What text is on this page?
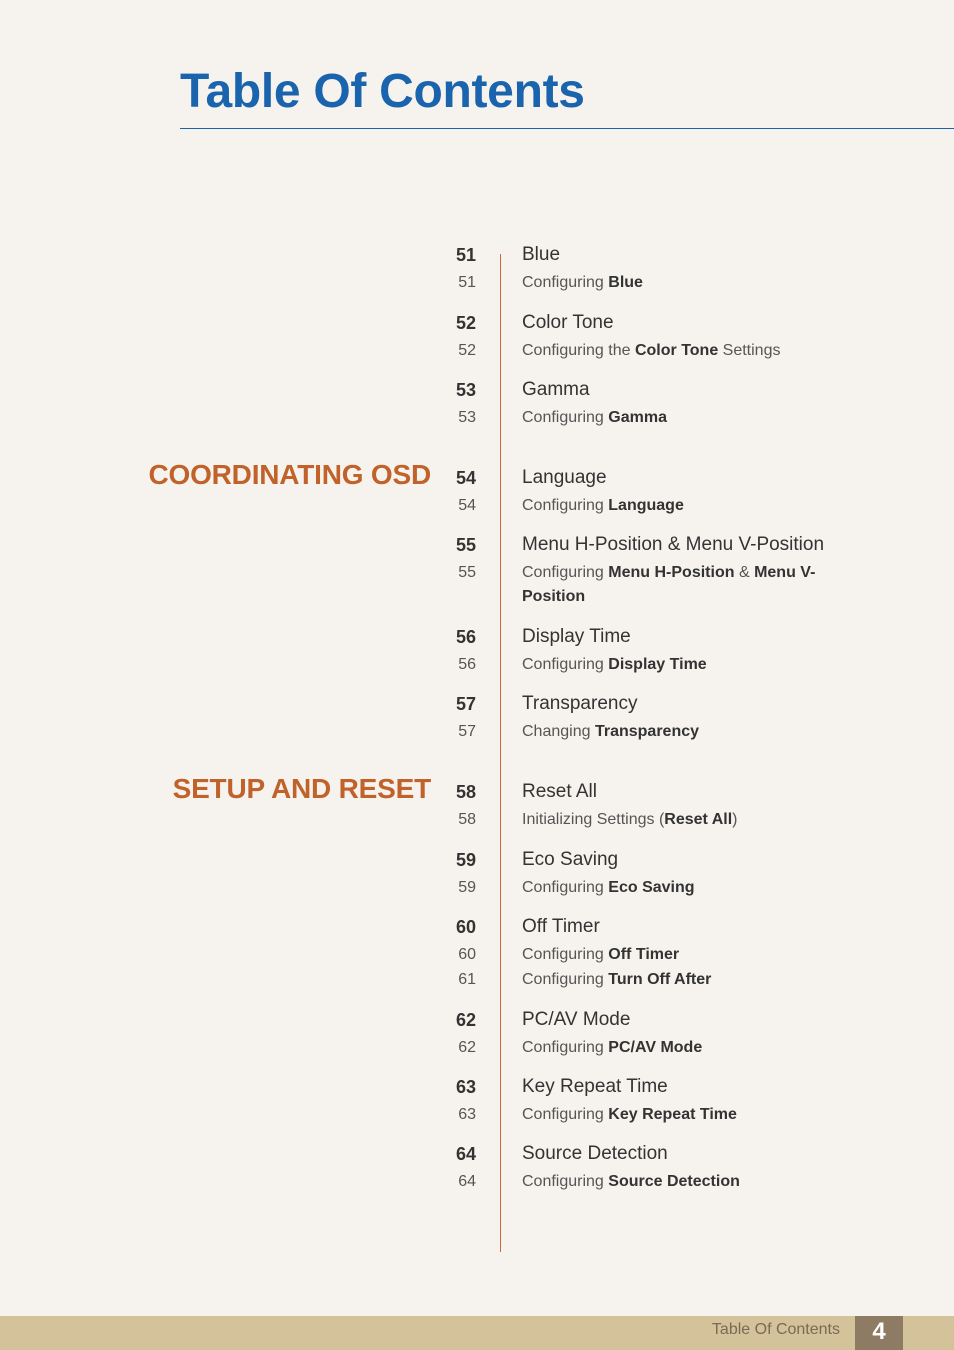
Table Of Contents
COORDINATING OSD
SETUP AND RESET
51 Blue
51	Configuring Blue
52 Color Tone
52	Configuring the Color Tone Settings
53 Gamma
53	Configuring Gamma
54 Language
54	Configuring Language
55 Menu H-Position & Menu V-Position
55	Configuring Menu H-Position & Menu V-Position
56 Display Time
56	Configuring Display Time
57 Transparency
57	Changing Transparency
58 Reset All
58	Initializing Settings (Reset All)
59 Eco Saving
59	Configuring Eco Saving
60 Off Timer
60	Configuring Off Timer
61	Configuring Turn Off After
62 PC/AV Mode
62	Configuring PC/AV Mode
63 Key Repeat Time
63	Configuring Key Repeat Time
64 Source Detection
64	Configuring Source Detection
Table Of Contents	4
